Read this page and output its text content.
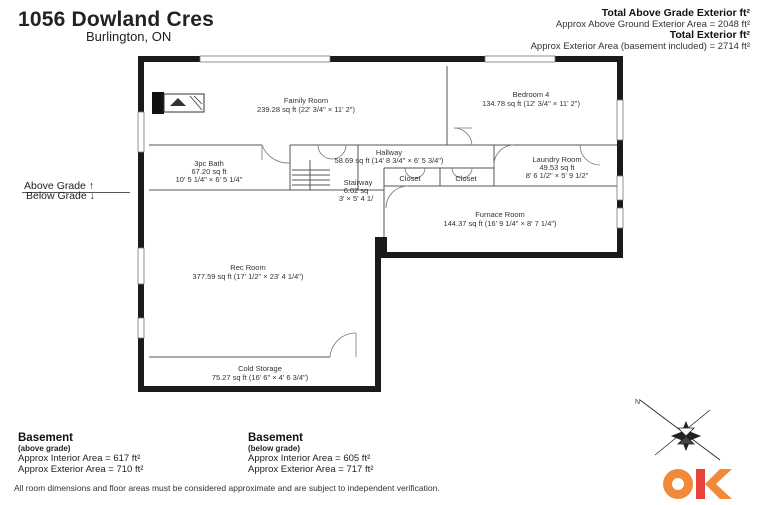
1056 Dowland Cres
Burlington, ON
Total Above Grade Exterior ft²
Approx Above Ground Exterior Area = 2048 ft²
Total Exterior ft²
Approx Exterior Area (basement included) = 2714 ft²
Above Grade ↑
Below Grade ↓
Family Room
239.28 sq ft (22' 3/4" × 11' 2")
Bedroom 4
134.78 sq ft (12' 3/4" × 11' 2")
3pc Bath
67.20 sq ft
10' 5 1/4" × 6' 5 1/4"
Hallway
58.69 sq ft (14' 8 3/4" × 6' 5 3/4")	Laundry Room
49.53 sq ft
8' 6 1/2" × 5' 9 1/2"
Stairway
6.02 sq
3' × 5' 4 1/
Closet	Closet
Furnace Room
144.37 sq ft (16' 9 1/4" × 8' 7 1/4")
Rec Room
377.59 sq ft (17' 1/2" × 23' 4 1/4")
Cold Storage
75.27 sq ft (16' 6" × 4' 6 3/4")
N
Basement
(above grade)
Approx Interior Area = 617 ft²
Approx Exterior Area = 710 ft²
Basement
(below grade)
Approx Interior Area = 605 ft²
Approx Exterior Area = 717 ft²
All room dimensions and floor areas must be considered approximate and are subject to independent verification.	STAGING
